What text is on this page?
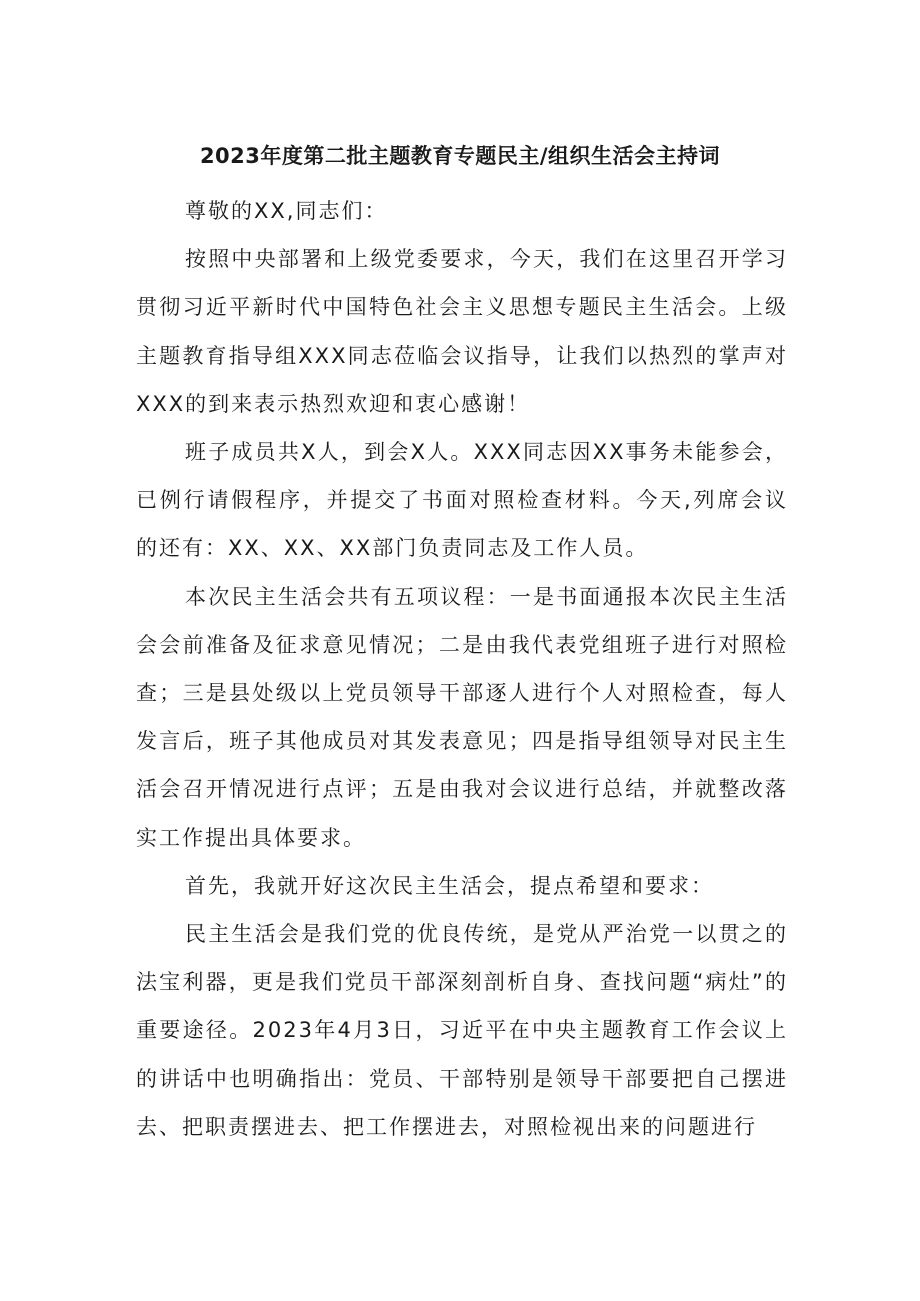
2023年度第二批主题教育专题民主/组织生活会主持词

尊敬的XX,同志们：

按照中央部署和上级党委要求，今天，我们在这里召开学习贯彻习近平新时代中国特色社会主义思想专题民主生活会。上级主题教育指导组XXX同志莅临会议指导，让我们以热烈的掌声对XXX的到来表示热烈欢迎和衷心感谢！

班子成员共X人，到会X人。XXX同志因XX事务未能参会，已例行请假程序，并提交了书面对照检查材料。今天,列席会议的还有：XX、XX、XX部门负责同志及工作人员。

本次民主生活会共有五项议程：一是书面通报本次民主生活会会前准备及征求意见情况；二是由我代表党组班子进行对照检查；三是县处级以上党员领导干部逐人进行个人对照检查，每人发言后，班子其他成员对其发表意见；四是指导组领导对民主生活会召开情况进行点评；五是由我对会议进行总结，并就整改落实工作提出具体要求。

首先，我就开好这次民主生活会，提点希望和要求：

民主生活会是我们党的优良传统，是党从严治党一以贯之的法宝利器，更是我们党员干部深刻剖析自身、查找问题“病灶”的重要途径。2023年4月3日，习近平在中央主题教育工作会议上的讲话中也明确指出：党员、干部特别是领导干部要把自己摆进去、把职责摆进去、把工作摆进去，对照检视出来的问题进行
